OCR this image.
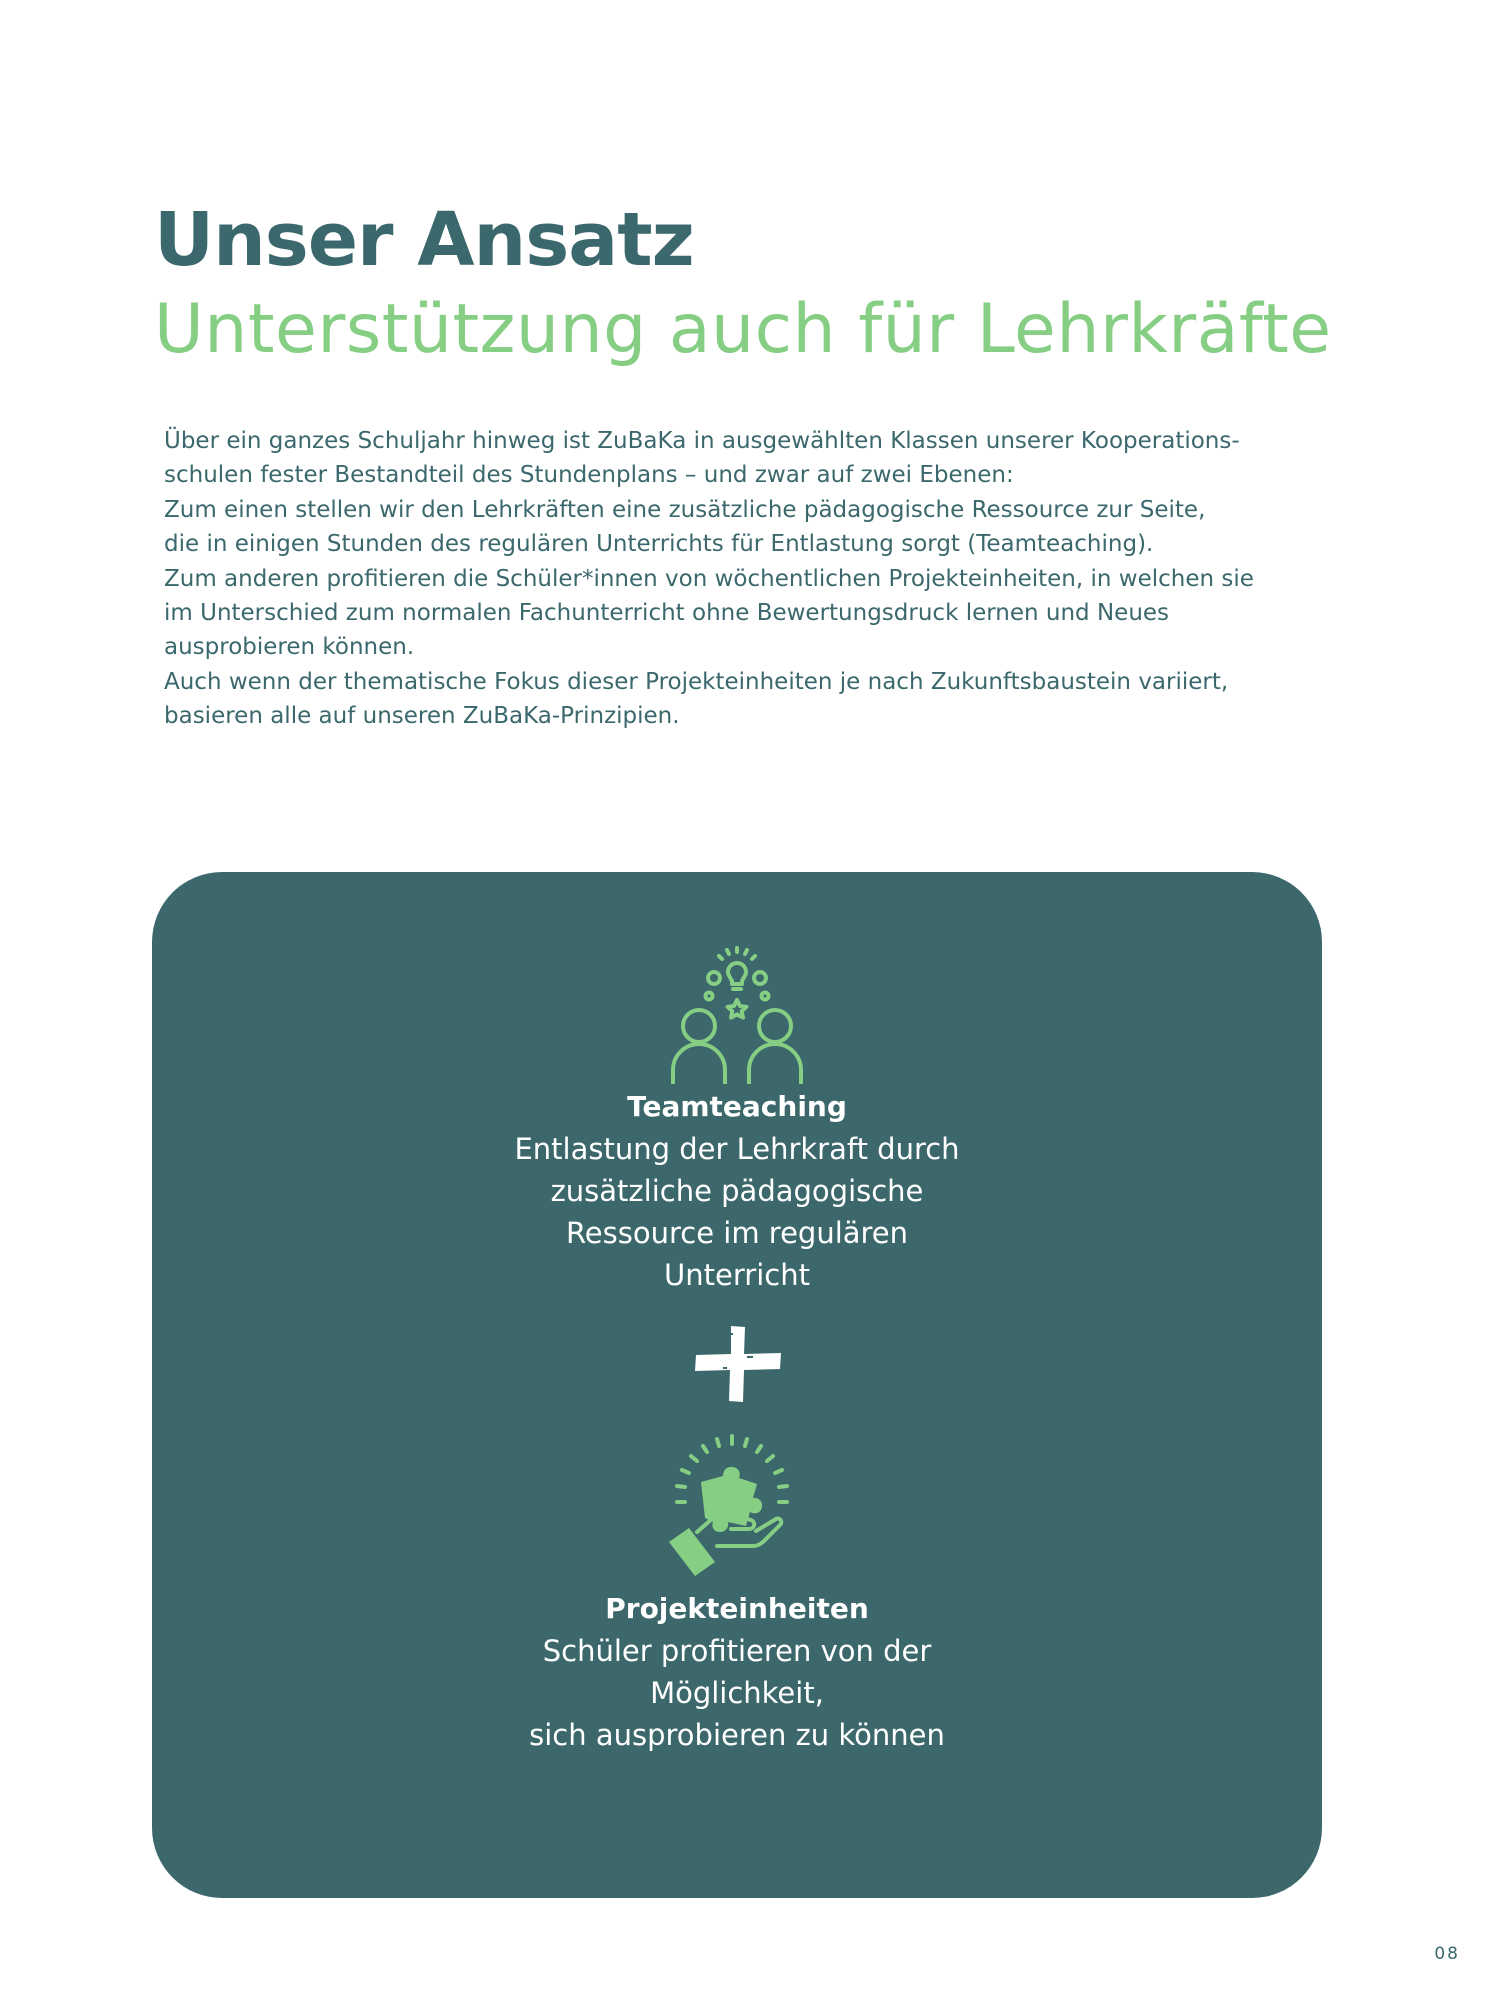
Unser Ansatz
Unterstützung auch für Lehrkräfte

Über ein ganzes Schuljahr hinweg ist ZuBaKa in ausgewählten Klassen unserer Kooperations-
schulen fester Bestandteil des Stundenplans – und zwar auf zwei Ebenen:
Zum einen stellen wir den Lehrkräften eine zusätzliche pädagogische Ressource zur Seite,
die in einigen Stunden des regulären Unterrichts für Entlastung sorgt (Teamteaching).
Zum anderen profitieren die Schüler*innen von wöchentlichen Projekteinheiten, in welchen sie
im Unterschied zum normalen Fachunterricht ohne Bewertungsdruck lernen und Neues
ausprobieren können.
Auch wenn der thematische Fokus dieser Projekteinheiten je nach Zukunftsbaustein variiert,
basieren alle auf unseren ZuBaKa-Prinzipien.

Teamteaching

Entlastung der Lehrkraft durch
zusätzliche pädagogische
Ressource im regulären
Unterricht

Projekteinheiten

Schüler profitieren von der
Möglichkeit,
sich ausprobieren zu können

08
